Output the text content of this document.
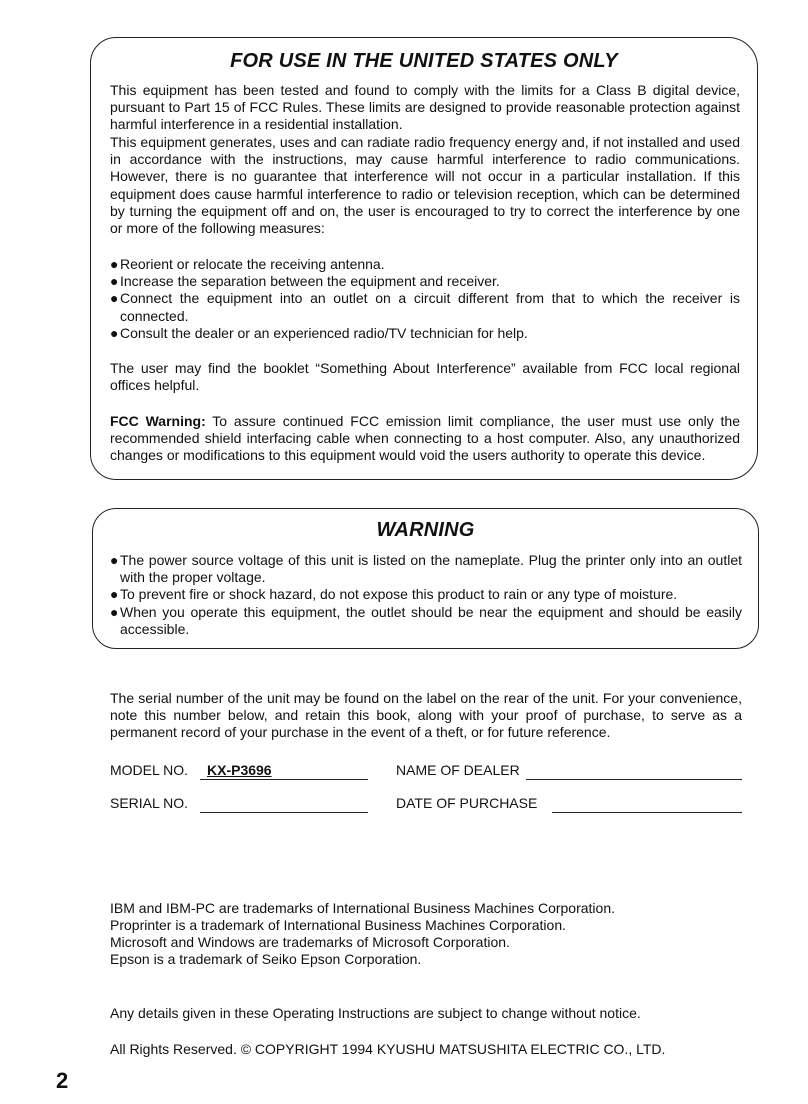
FOR USE IN THE UNITED STATES ONLY

This equipment has been tested and found to comply with the limits for a Class B digital device, pursuant to Part 15 of FCC Rules. These limits are designed to provide reasonable protection against harmful interference in a residential installation.

This equipment generates, uses and can radiate radio frequency energy and, if not installed and used in accordance with the instructions, may cause harmful interference to radio communications. However, there is no guarantee that interference will not occur in a particular installation. If this equipment does cause harmful interference to radio or television reception, which can be determined by turning the equipment off and on, the user is encouraged to try to correct the interference by one or more of the following measures:

● Reorient or relocate the receiving antenna.
● Increase the separation between the equipment and receiver.
● Connect the equipment into an outlet on a circuit different from that to which the receiver is connected.
● Consult the dealer or an experienced radio/TV technician for help.

The user may find the booklet “Something About Interference” available from FCC local regional offices helpful.

FCC Warning: To assure continued FCC emission limit compliance, the user must use only the recommended shield interfacing cable when connecting to a host computer. Also, any unauthorized changes or modifications to this equipment would void the users authority to operate this device.

WARNING
● The power source voltage of this unit is listed on the nameplate. Plug the printer only into an outlet with the proper voltage.
● To prevent fire or shock hazard, do not expose this product to rain or any type of moisture.
● When you operate this equipment, the outlet should be near the equipment and should be easily accessible.

The serial number of the unit may be found on the label on the rear of the unit. For your convenience, note this number below, and retain this book, along with your proof of purchase, to serve as a permanent record of your purchase in the event of a theft, or for future reference.

MODEL NO. KX-P3696	NAME OF DEALER
SERIAL NO.	DATE OF PURCHASE
IBM and IBM-PC are trademarks of International Business Machines Corporation.
Proprinter is a trademark of International Business Machines Corporation.
Microsoft and Windows are trademarks of Microsoft Corporation.
Epson is a trademark of Seiko Epson Corporation.
Any details given in these Operating Instructions are subject to change without notice.
All Rights Reserved. © COPYRIGHT 1994 KYUSHU MATSUSHITA ELECTRIC CO., LTD.
2
